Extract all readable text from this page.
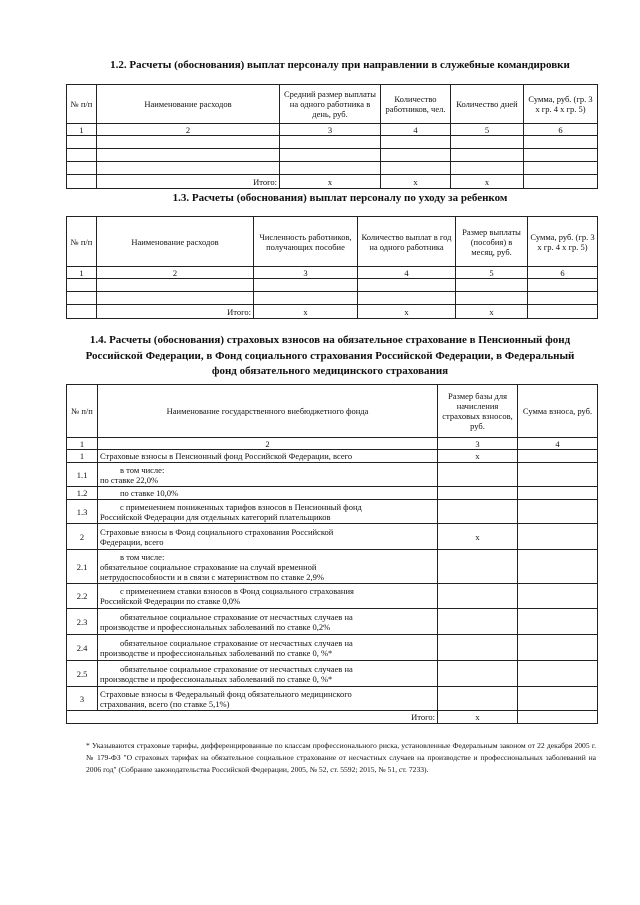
1.2. Расчеты (обоснования) выплат персоналу при направлении в служебные командировки
№ п/п	Наименование расходов	Средний размер выплаты на одного работника в день, руб.	Количество работников, чел.	Количество дней	Сумма, руб. (гр. 3 х гр. 4 х гр. 5)
1	2	3	4	5	6

	Итого:	х	х	х	
1.3. Расчеты (обоснования) выплат персоналу по уходу за ребенком
№ п/п	Наименование расходов	Численность работников, получающих пособие	Количество выплат в год на одного работника	Размер выплаты (пособия) в месяц, руб.	Сумма, руб. (гр. 3 х гр. 4 х гр. 5)
1	2	3	4	5	6

	Итого:	х	х	х	
1.4. Расчеты (обоснования) страховых взносов на обязательное страхование в Пенсионный фонд
Российской Федерации, в Фонд социального страхования Российской Федерации, в Федеральный
фонд обязательного медицинского страхования
№ п/п	Наименование государственного внебюджетного фонда	Размер базы для начисления страховых взносов, руб.	Сумма взноса, руб.
1	2	3	4
1	Страховые взносы в Пенсионный фонд Российской Федерации, всего	х	
1.1	в том числе:
по ставке 22,0%		

1.2	по ставке 10,0%		
1.3	с применением пониженных тарифов взносов в Пенсионный фонд
Российской Федерации для отдельных категорий плательщиков		

2	Страховые взносы в Фонд социального страхования Российской
Федерации, всего	х	
2.1	в том числе:
обязательное социальное страхование на случай временной
нетрудоспособности и в связи с материнством по ставке 2,9%		

2.2	с применением ставки взносов в Фонд социального страхования
Российской Федерации по ставке 0,0%		

2.3	обязательное социальное страхование от несчастных случаев на
производстве и профессиональных заболеваний по ставке 0,2%		

2.4	обязательное социальное страхование от несчастных случаев на
производстве и профессиональных заболеваний по ставке 0, %*		

2.5	обязательное социальное страхование от несчастных случаев на
производстве и профессиональных заболеваний по ставке 0, %*		

3	Страховые взносы в Федеральный фонд обязательного медицинского
страхования, всего (по ставке 5,1%)		

Итого:		х	
* Указываются страховые тарифы, дифференцированные по классам профессионального риска, установленные Федеральным законом от 22 декабря 2005 г. № 179-ФЗ "О страховых тарифах на обязательное социальное страхование от несчастных случаев на производстве и профессиональных заболеваний на 2006 год" (Собрание законодательства Российской Федерации, 2005, № 52, ст. 5592; 2015, № 51, ст. 7233).
